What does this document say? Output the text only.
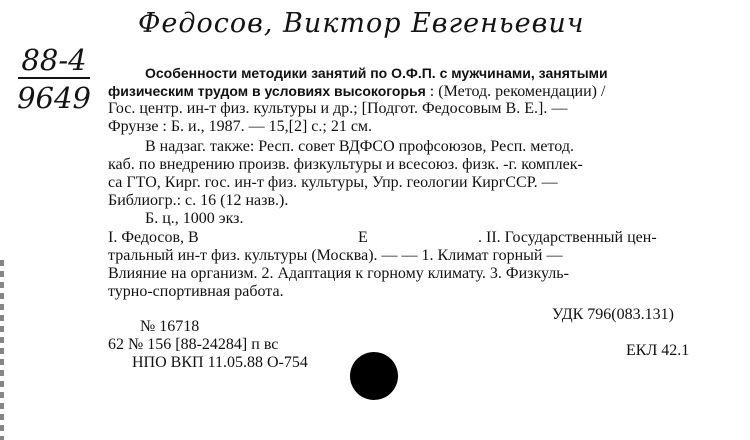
Федосов, Виктор Евгеньевич
88-4
9649
Особенности методики занятий по О.Ф.П. с мужчинами, занятыми
физическим трудом в условиях высокогорья : (Метод. рекомендации) /
Гос. центр. ин-т физ. культуры и др.; [Подгот. Федосовым В. Е.]. —
Фрунзе : Б. и., 1987. — 15,[2] с.; 21 см.
В надзаг. также: Респ. совет ВДФСО профсоюзов, Респ. метод.
каб. по внедрению произв. физкультуры и всесоюз. физк. -г. комплек-
са ГТО, Кирг. гос. ин-т физ. культуры, Упр. геологии КиргССР. —
Библиогр.: с. 16 (12 назв.).
Б. ц., 1000 экз.
I. Федосов, В	Е	. II. Государственный цен-
тральный ин-т физ. культуры (Москва). — — 1. Климат горный —
Влияние на организм. 2. Адаптация к горному климату. 3. Физкуль-
турно-спортивная работа.
№ 16718
62 № 156 [88-24284] п вс
НПО ВКП 11.05.88 О-754
УДК 796(083.131)
ЕКЛ 42.1
